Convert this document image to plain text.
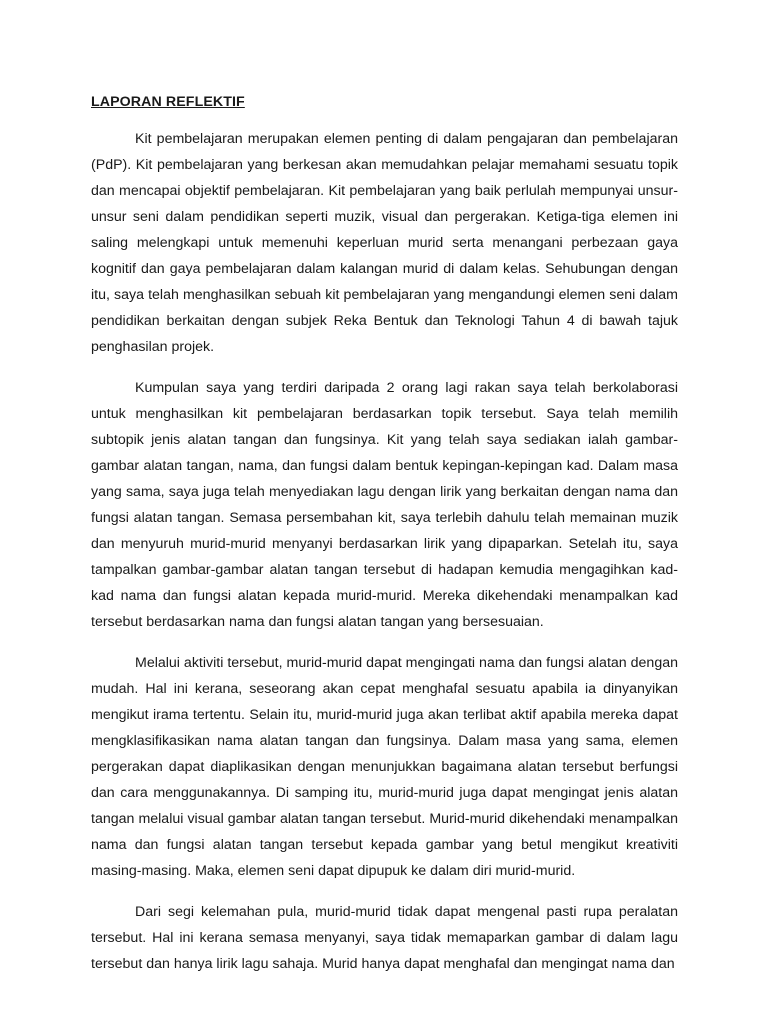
LAPORAN REFLEKTIF

Kit pembelajaran merupakan elemen penting di dalam pengajaran dan pembelajaran (PdP). Kit pembelajaran yang berkesan akan memudahkan pelajar memahami sesuatu topik dan mencapai objektif pembelajaran. Kit pembelajaran yang baik perlulah mempunyai unsur-unsur seni dalam pendidikan seperti muzik, visual dan pergerakan. Ketiga-tiga elemen ini saling melengkapi untuk memenuhi keperluan murid serta menangani perbezaan gaya kognitif dan gaya pembelajaran dalam kalangan murid di dalam kelas. Sehubungan dengan itu, saya telah menghasilkan sebuah kit pembelajaran yang mengandungi elemen seni dalam pendidikan berkaitan dengan subjek Reka Bentuk dan Teknologi Tahun 4 di bawah tajuk penghasilan projek.

Kumpulan saya yang terdiri daripada 2 orang lagi rakan saya telah berkolaborasi untuk menghasilkan kit pembelajaran berdasarkan topik tersebut. Saya telah memilih subtopik jenis alatan tangan dan fungsinya. Kit yang telah saya sediakan ialah gambar-gambar alatan tangan, nama, dan fungsi dalam bentuk kepingan-kepingan kad. Dalam masa yang sama, saya juga telah menyediakan lagu dengan lirik yang berkaitan dengan nama dan fungsi alatan tangan. Semasa persembahan kit, saya terlebih dahulu telah memainan muzik dan menyuruh murid-murid menyanyi berdasarkan lirik yang dipaparkan. Setelah itu, saya tampalkan gambar-gambar alatan tangan tersebut di hadapan kemudia mengagihkan kad-kad nama dan fungsi alatan kepada murid-murid. Mereka dikehendaki menampalkan kad tersebut berdasarkan nama dan fungsi alatan tangan yang bersesuaian.

Melalui aktiviti tersebut, murid-murid dapat mengingati nama dan fungsi alatan dengan mudah. Hal ini kerana, seseorang akan cepat menghafal sesuatu apabila ia dinyanyikan mengikut irama tertentu. Selain itu, murid-murid juga akan terlibat aktif apabila mereka dapat mengklasifikasikan nama alatan tangan dan fungsinya. Dalam masa yang sama, elemen pergerakan dapat diaplikasikan dengan menunjukkan bagaimana alatan tersebut berfungsi dan cara menggunakannya. Di samping itu, murid-murid juga dapat mengingat jenis alatan tangan melalui visual gambar alatan tangan tersebut. Murid-murid dikehendaki menampalkan nama dan fungsi alatan tangan tersebut kepada gambar yang betul mengikut kreativiti masing-masing. Maka, elemen seni dapat dipupuk ke dalam diri murid-murid.

Dari segi kelemahan pula, murid-murid tidak dapat mengenal pasti rupa peralatan tersebut. Hal ini kerana semasa menyanyi, saya tidak memaparkan gambar di dalam lagu tersebut dan hanya lirik lagu sahaja. Murid hanya dapat menghafal dan mengingat nama dan
